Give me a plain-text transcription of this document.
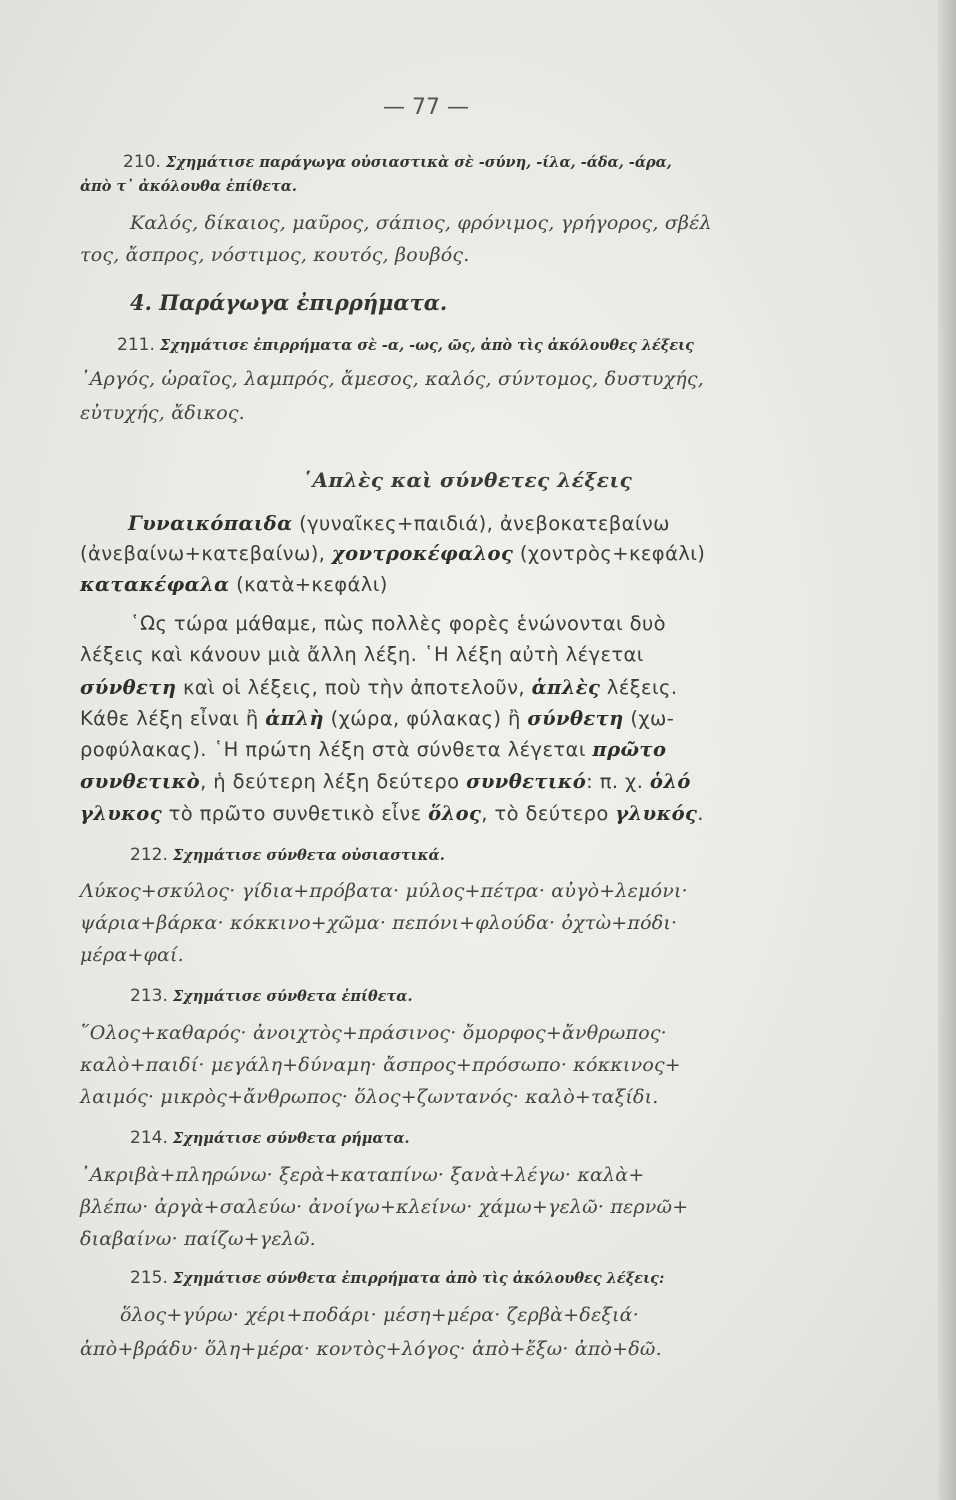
— 77 —
210. Σχημάτισε παράγωγα οὐσιαστικὰ σὲ -σύνη, -ίλα, -άδα, -άρα,
ἀπὸ τ᾽ ἀκόλουθα ἐπίθετα.
Καλός, δίκαιος, μαῦρος, σάπιος, φρόνιμος, γρήγορος, σβέλ
τος, ἄσπρος, νόστιμος, κουτός, βουβός.
4. Παράγωγα ἐπιρρήματα.
211. Σχημάτισε ἐπιρρήματα σὲ -α, -ως, ῶς, ἀπὸ τὶς ἀκόλουθες λέξεις
᾽Αργός, ὡραῖος, λαμπρός, ἄμεσος, καλός, σύντομος, δυστυχής,
εὐτυχής, ἄδικος.
῾Απλὲς καὶ σύνθετες λέξεις
Γυναικόπαιδα (γυναῖκες+παιδιά), ἀνεβοκατεβαίνω
(ἀνεβαίνω+κατεβαίνω), χοντροκέφαλος (χοντρὸς+κεφάλι)
κατακέφαλα (κατὰ+κεφάλι)
῾Ως τώρα μάθαμε, πὼς πολλὲς φορὲς ἑνώνονται δυὸ
λέξεις καὶ κάνουν μιὰ ἄλλη λέξη. ῾Η λέξη αὐτὴ λέγεται
σύνθετη καὶ οἱ λέξεις, ποὺ τὴν ἀποτελοῦν, ἁπλὲς λέξεις.
Κάθε λέξη εἶναι ἢ ἁπλὴ (χώρα, φύλακας) ἢ σύνθετη (χω-
ροφύλακας). ῾Η πρώτη λέξη στὰ σύνθετα λέγεται πρῶτο
συνθετικὸ, ἡ δεύτερη λέξη δεύτερο συνθετικό: π. χ. ὁλό
γλυκος τὸ πρῶτο συνθετικὸ εἶνε ὅλος, τὸ δεύτερο γλυκός.
212. Σχημάτισε σύνθετα οὐσιαστικά.
Λύκος+σκύλος· γίδια+πρόβατα· μύλος+πέτρα· αὐγὸ+λεμόνι·
ψάρια+βάρκα· κόκκινο+χῶμα· πεπόνι+φλούδα· ὀχτὼ+πόδι·
μέρα+φαί.
213. Σχημάτισε σύνθετα ἐπίθετα.
῞Ολος+καθαρός· ἀνοιχτὸς+πράσινος· ὄμορφος+ἄνθρωπος·
καλὸ+παιδί· μεγάλη+δύναμη· ἄσπρος+πρόσωπο· κόκκινος+
λαιμός· μικρὸς+ἄνθρωπος· ὅλος+ζωντανός· καλὸ+ταξίδι.
214. Σχημάτισε σύνθετα ρήματα.
᾽Ακριβὰ+πληρώνω· ξερὰ+καταπίνω· ξανὰ+λέγω· καλὰ+
βλέπω· ἀργὰ+σαλεύω· ἀνοίγω+κλείνω· χάμω+γελῶ· περνῶ+
διαβαίνω· παίζω+γελῶ.
215. Σχημάτισε σύνθετα ἐπιρρήματα ἀπὸ τὶς ἀκόλουθες λέξεις:
ὅλος+γύρω· χέρι+ποδάρι· μέση+μέρα· ζερβὰ+δεξιά·
ἀπὸ+βράδυ· ὅλη+μέρα· κοντὸς+λόγος· ἀπὸ+ἔξω· ἀπὸ+δῶ.
